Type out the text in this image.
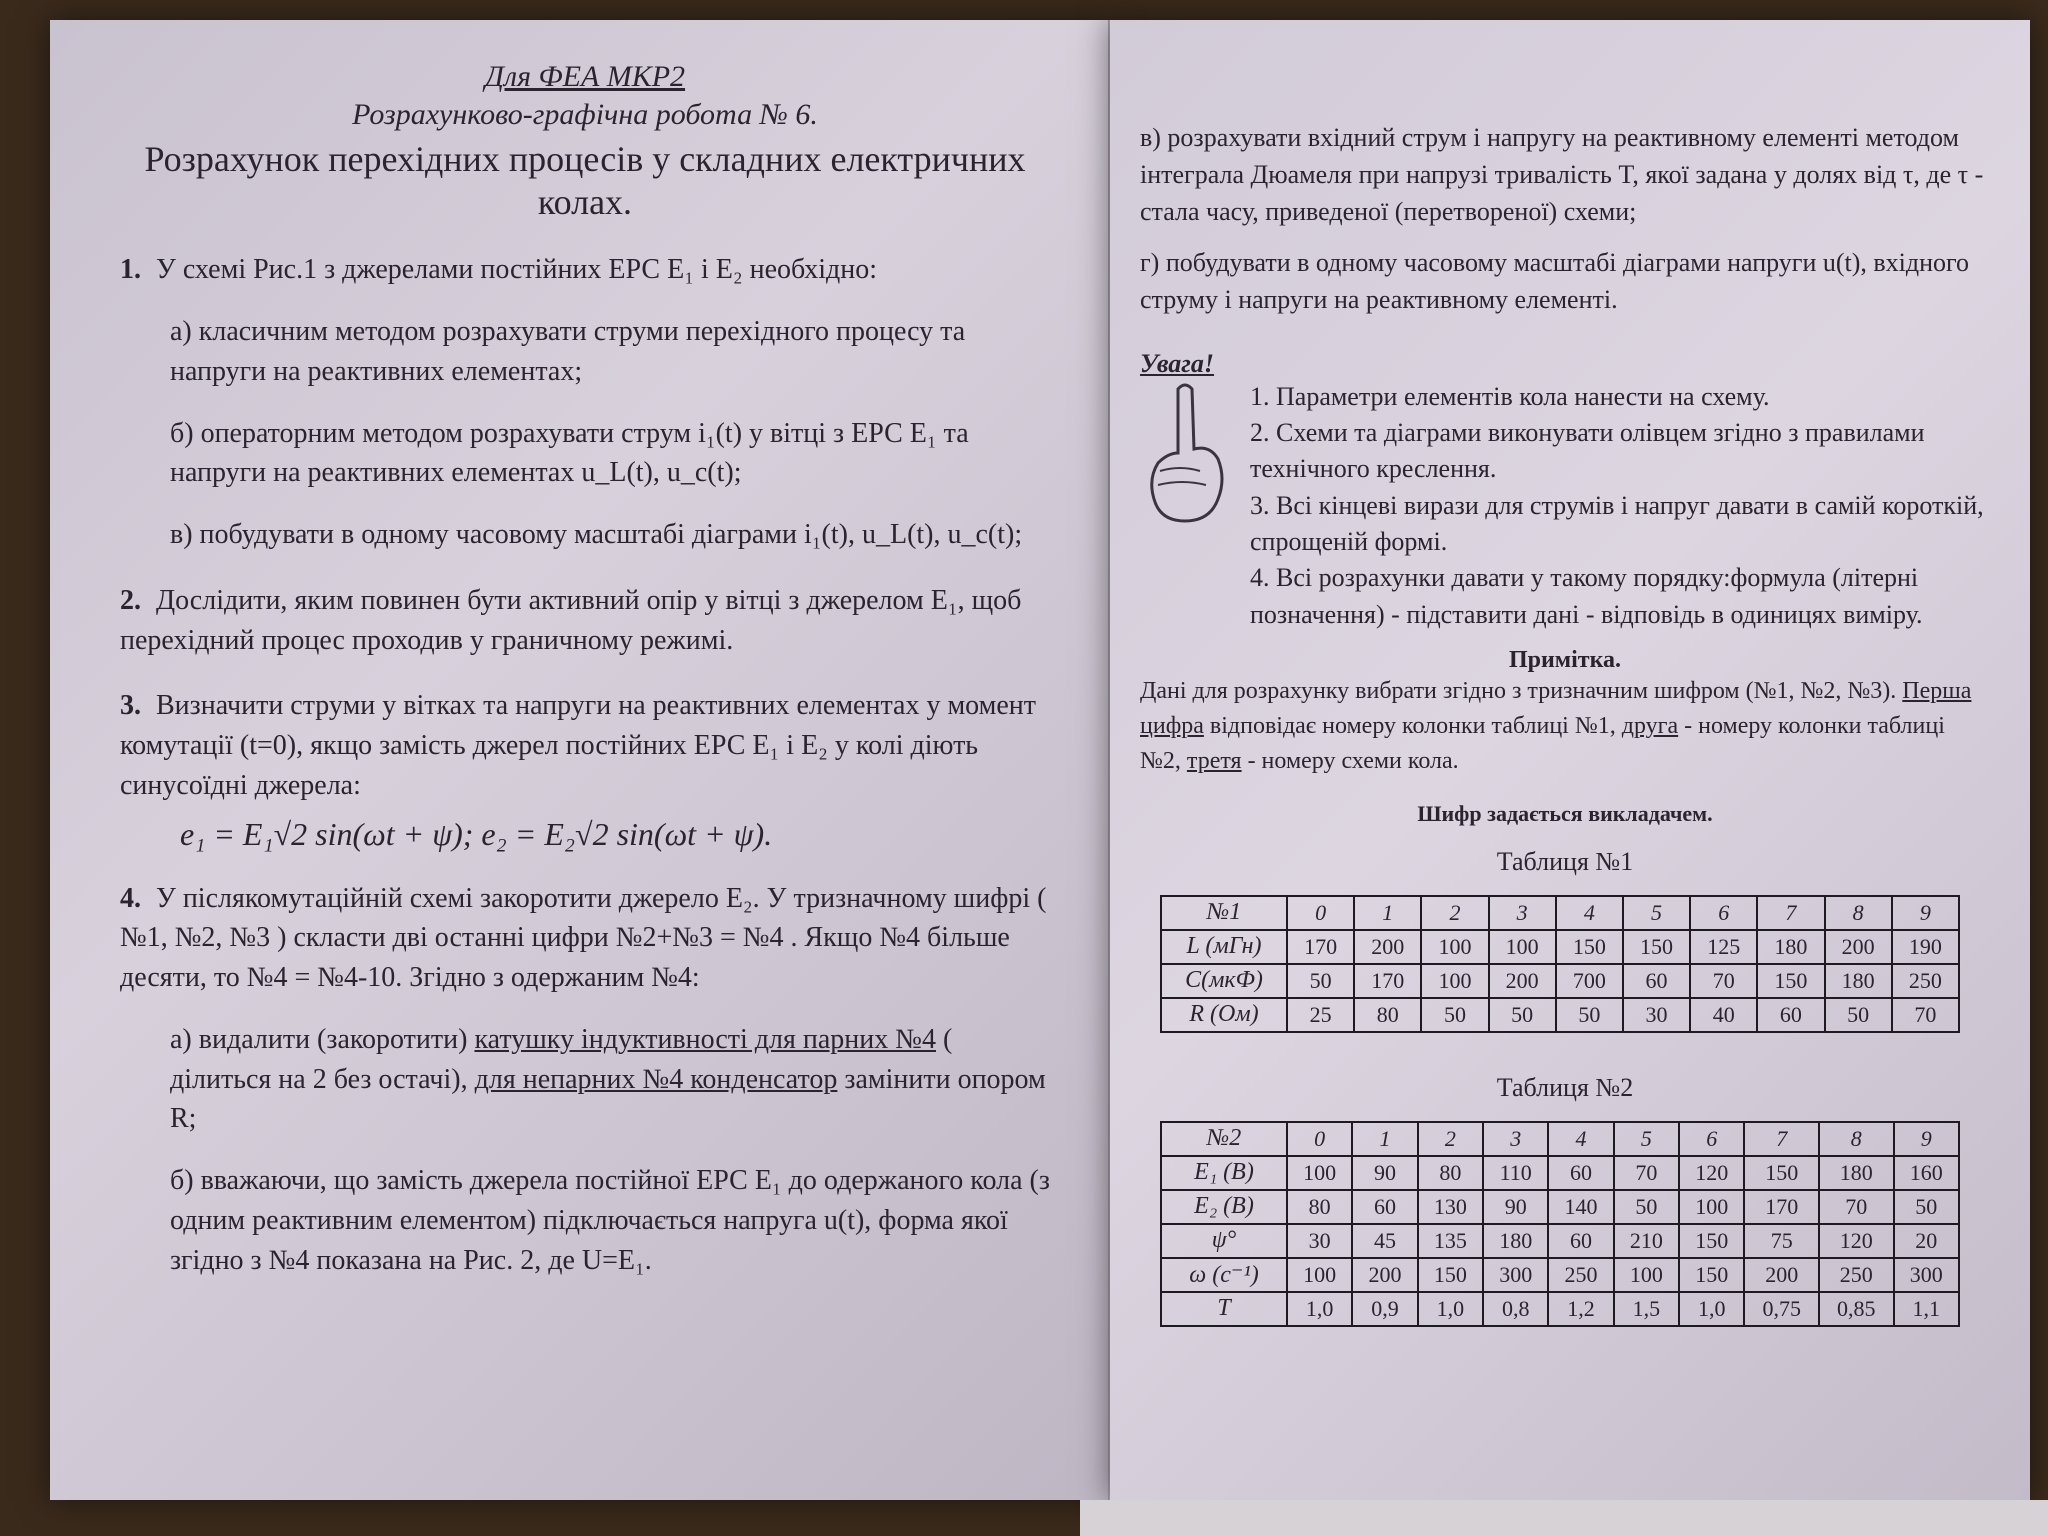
Для ФЕА МКР2

Розрахунково-графічна робота № 6.

Розрахунок перехідних процесів у складних електричних колах.

1. У схемі Рис.1 з джерелами постійних ЕРС E₁ і E₂ необхідно:
а) класичним методом розрахувати струми перехідного процесу та напруги на реактивних елементах;
б) операторним методом розрахувати струм i₁(t) у вітці з ЕРС E₁ та напруги на реактивних елементах u_L(t), u_c(t);
в) побудувати в одному часовому масштабі діаграми i₁(t), u_L(t), u_c(t);
2. Дослідити, яким повинен бути активний опір у вітці з джерелом E₁, щоб перехідний процес проходив у граничному режимі.
3. Визначити струми у вітках та напруги на реактивних елементах у момент комутації (t=0), якщо замість джерел постійних ЕРС E₁ і E₂ у колі діють синусоїдні джерела:
e₁ = E₁√2 sin(ωt + ψ); e₂ = E₂√2 sin(ωt + ψ).
4. У післякомутаційній схемі закоротити джерело E₂. У тризначному шифрі ( №1, №2, №3 ) скласти дві останні цифри №2+№3 = №4 . Якщо №4 більше десяти, то №4 = №4-10. Згідно з одержаним №4:
а) видалити (закоротити) катушку індуктивності для парних №4 ( ділиться на 2 без остачі), для непарних №4 конденсатор замінити опором R;
б) вважаючи, що замість джерела постійної ЕРС E₁ до одержаного кола (з одним реактивним елементом) підключається напруга u(t), форма якої згідно з №4 показана на Рис. 2, де U=E₁.
в) розрахувати вхідний струм і напругу на реактивному елементі методом інтеграла Дюамеля при напрузі тривалість T, якої задана у долях від τ, де τ - стала часу, приведеної (перетвореної) схеми;
г) побудувати в одному часовому масштабі діаграми напруги u(t), вхідного струму і напруги на реактивному елементі.
Увага!
1. Параметри елементів кола нанести на схему.
2. Схеми та діаграми виконувати олівцем згідно з правилами технічного креслення.
3. Всі кінцеві вирази для струмів і напруг давати в самій короткій, спрощеній формі.
4. Всі розрахунки давати у такому порядку:формула (літерні позначення) - підставити дані - відповідь в одиницях виміру.
Примітка.
Дані для розрахунку вибрати згідно з тризначним шифром (№1, №2, №3). Перша цифра відповідає номеру колонки таблиці №1, друга - номеру колонки таблиці №2, третя - номеру схеми кола.
Шифр задається викладачем.
Таблиця №1
№1	0	1	2	3	4	5	6	7	8	9
L (мГн)	170	200	100	100	150	150	125	180	200	190
C(мкФ)	50	170	100	200	700	60	70	150	180	250
R (Ом)	25	80	50	50	50	30	40	60	50	70
Таблиця №2
№2	0	1	2	3	4	5	6	7	8	9
E₁ (B)	100	90	80	110	60	70	120	150	180	160
E₂ (B)	80	60	130	90	140	50	100	170	70	50
ψ°	30	45	135	180	60	210	150	75	120	20
ω (c⁻¹)	100	200	150	300	250	100	150	200	250	300
T	1,0	0,9	1,0	0,8	1,2	1,5	1,0	0,75	0,85	1,1
